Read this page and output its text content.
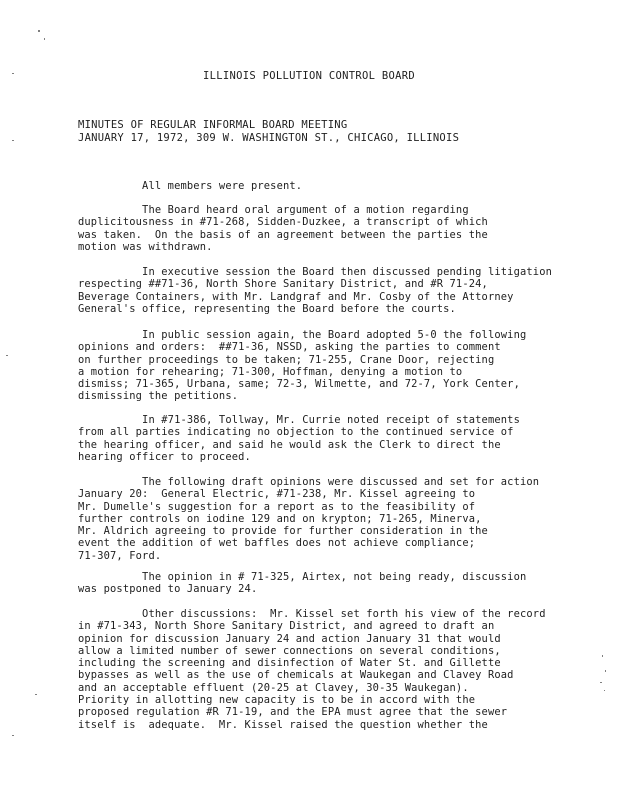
ILLINOIS POLLUTION CONTROL BOARD
MINUTES OF REGULAR INFORMAL BOARD MEETING
JANUARY 17, 1972, 309 W. WASHINGTON ST., CHICAGO, ILLINOIS
All members were present.
The Board heard oral argument of a motion regarding
duplicitousness in #71-268, Sidden-Duzkee, a transcript of which
was taken.  On the basis of an agreement between the parties the
motion was withdrawn.
In executive session the Board then discussed pending litigation
respecting ##71-36, North Shore Sanitary District, and #R 71-24,
Beverage Containers, with Mr. Landgraf and Mr. Cosby of the Attorney
General's office, representing the Board before the courts.
In public session again, the Board adopted 5-0 the following
opinions and orders:  ##71-36, NSSD, asking the parties to comment
on further proceedings to be taken; 71-255, Crane Door, rejecting
a motion for rehearing; 71-300, Hoffman, denying a motion to
dismiss; 71-365, Urbana, same; 72-3, Wilmette, and 72-7, York Center,
dismissing the petitions.
In #71-386, Tollway, Mr. Currie noted receipt of statements
from all parties indicating no objection to the continued service of
the hearing officer, and said he would ask the Clerk to direct the
hearing officer to proceed.
The following draft opinions were discussed and set for action
January 20:  General Electric, #71-238, Mr. Kissel agreeing to
Mr. Dumelle's suggestion for a report as to the feasibility of
further controls on iodine 129 and on krypton; 71-265, Minerva,
Mr. Aldrich agreeing to provide for further consideration in the
event the addition of wet baffles does not achieve compliance;
71-307, Ford.
The opinion in # 71-325, Airtex, not being ready, discussion
was postponed to January 24.
Other discussions:  Mr. Kissel set forth his view of the record
in #71-343, North Shore Sanitary District, and agreed to draft an
opinion for discussion January 24 and action January 31 that would
allow a limited number of sewer connections on several conditions,
including the screening and disinfection of Water St. and Gillette
bypasses as well as the use of chemicals at Waukegan and Clavey Road
and an acceptable effluent (20-25 at Clavey, 30-35 Waukegan).
Priority in allotting new capacity is to be in accord with the
proposed regulation #R 71-19, and the EPA must agree that the sewer
itself is  adequate.  Mr. Kissel raised the question whether the
